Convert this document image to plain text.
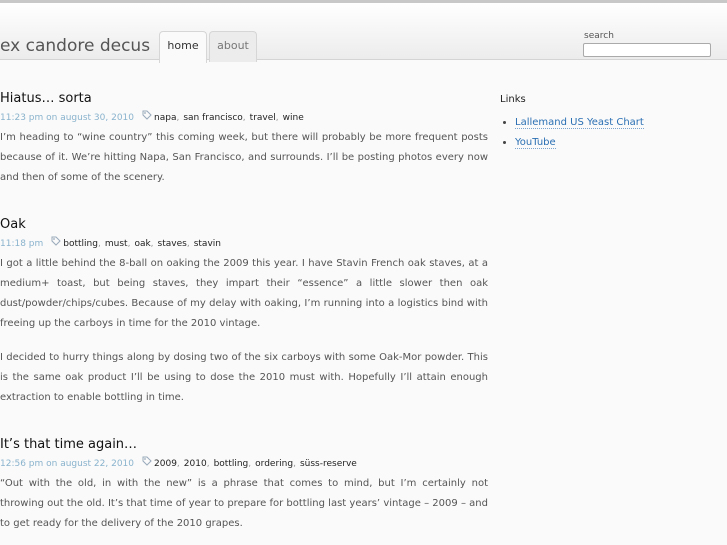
ex candore decus	home	about
search
Hiatus… sorta
11:23 pm on august 30, 2010 napa, san francisco, travel, wine

I’m heading to “wine country” this coming week, but there will probably be more frequent posts because of it. We’re hitting Napa, San Francisco, and surrounds. I’ll be posting photos every now and then of some of the scenery.

Oak
11:18 pm bottling, must, oak, staves, stavin

I got a little behind the 8-ball on oaking the 2009 this year. I have Stavin French oak staves, at a medium+ toast, but being staves, they impart their “essence” a little slower then oak dust/powder/chips/cubes. Because of my delay with oaking, I’m running into a logistics bind with freeing up the carboys in time for the 2010 vintage.

I decided to hurry things along by dosing two of the six carboys with some Oak-Mor powder. This is the same oak product I’ll be using to dose the 2010 must with. Hopefully I’ll attain enough extraction to enable bottling in time.

It’s that time again…
12:56 pm on august 22, 2010 2009, 2010, bottling, ordering, süss-reserve

“Out with the old, in with the new” is a phrase that comes to mind, but I’m certainly not throwing out the old. It’s that time of year to prepare for bottling last years’ vintage – 2009 – and to get ready for the delivery of the 2010 grapes.

Links
• Lallemand US Yeast Chart
• YouTube
